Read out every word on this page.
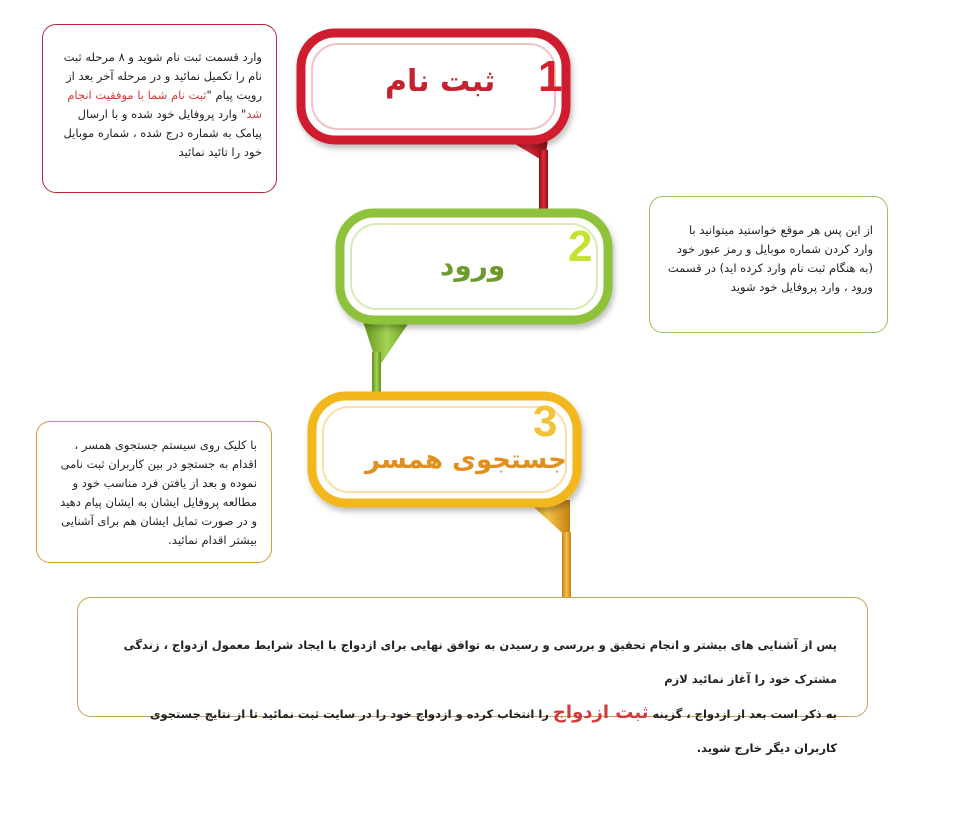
1
ثبت نام
2
ورود
3
جستجوی همسر

وارد قسمت ثبت نام شوید و ۸ مرحله ثبت نام را تکمیل نمائید و در مرحله آخر بعد از رویت پیام "ثبت نام شما با موفقیت انجام شد" وارد پروفایل خود شده و با ارسال پیامک به شماره درج شده ، شماره موبایل خود را تائید نمائید

از این پس هر موقع خواستید میتوانید با وارد کردن شماره موبایل و رمز عبور خود (به هنگام ثبت نام وارد کرده اید) در قسمت ورود ، وارد پروفایل خود شوید

با کلیک روی سیستم جستجوی همسر ، اقدام به جستجو در بین کاربران ثبت نامی نموده و بعد از یافتن فرد مناسب خود و مطالعه پروفایل ایشان به ایشان پیام دهید و در صورت تمایل ایشان هم برای آشنایی بیشتر اقدام نمائید.

پس از آشنایی های بیشتر و انجام تحقیق و بررسی و رسیدن به توافق نهایی برای ازدواج با ایجاد شرایط معمول ازدواج ، زندگی مشترک خود را آغاز نمائید لازم

به ذکر است بعد از ازدواج ، گزینه ثبت ازدواج را انتخاب کرده و ازدواج خود را در سایت ثبت نمائید تا از نتایج جستجوی کاربران دیگر خارج شوید.
